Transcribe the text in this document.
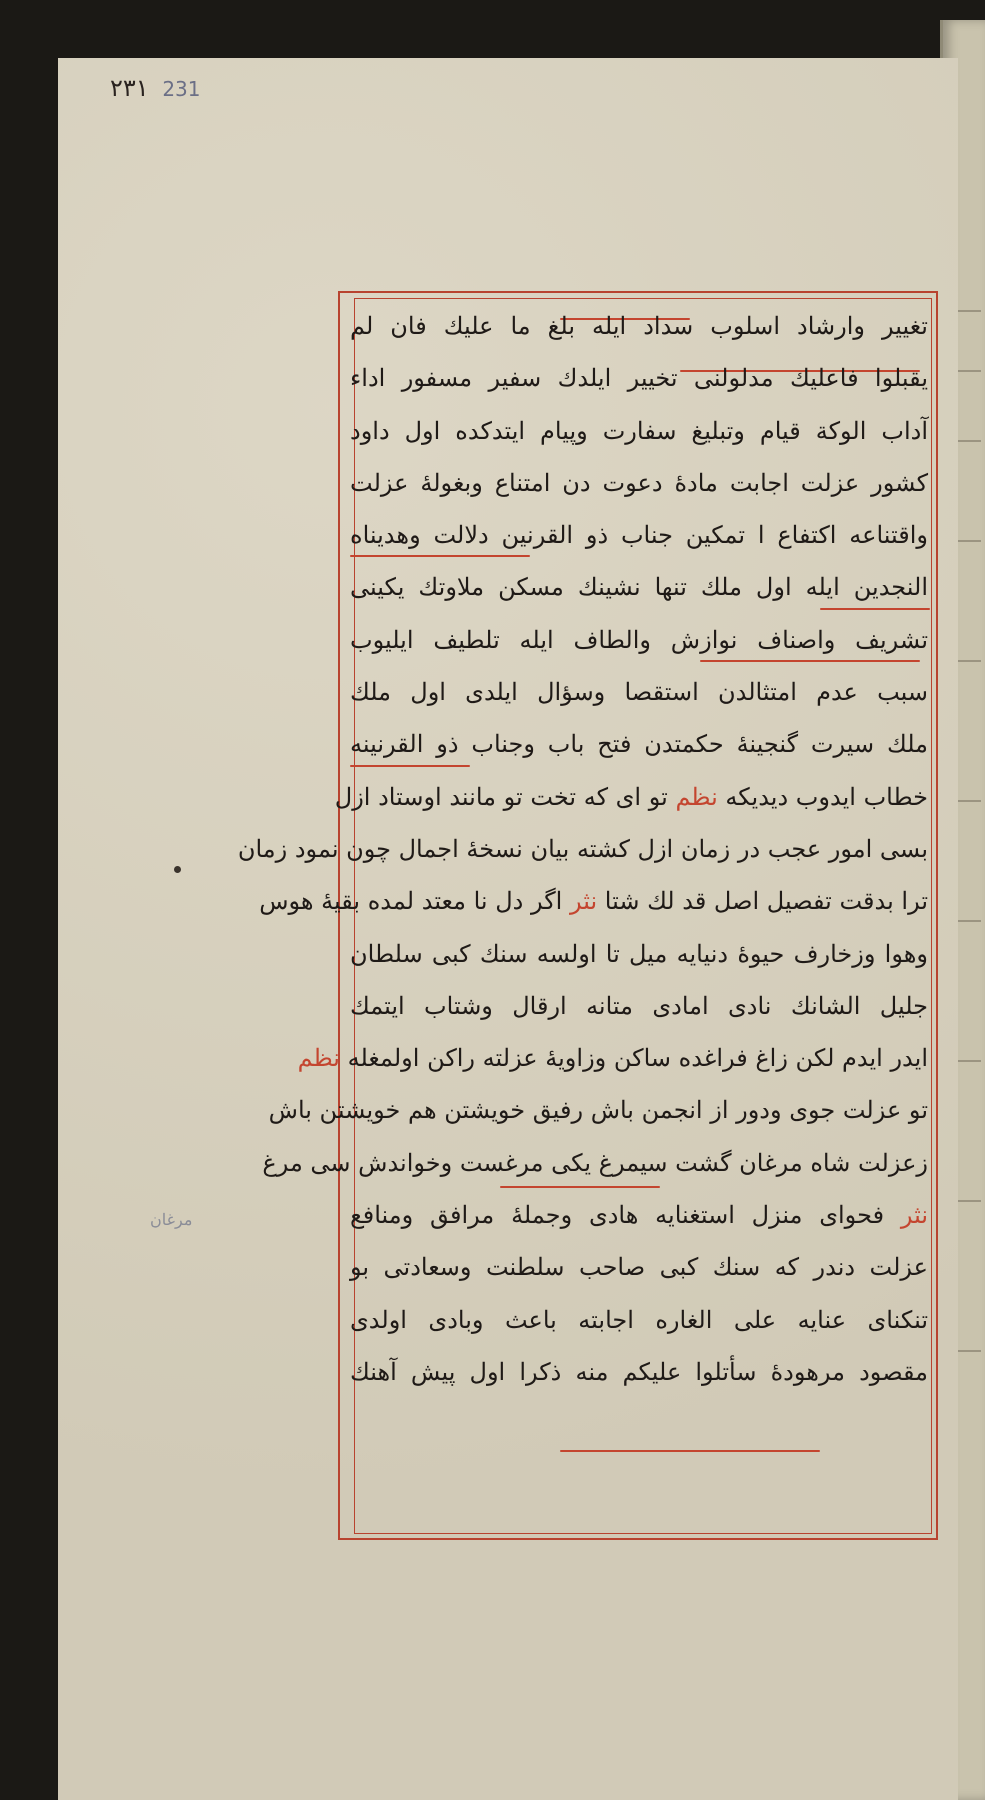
٢٣١ 231
تغییر وارشاد اسلوب سداد ایله بلغ ما علیك فان لم
یقبلوا فاعلیك مدلولنی تخییر ایلدك سفیر مسفور اداء
آداب الوكة قیام وتبلیغ سفارت وپیام ایتدكده اول داود
كشور عزلت اجابت مادۀ دعوت دن امتناع وبغولۀ عزلت
واقتناعه اكتفاع ا تمكین جناب ذو القرنین دلالت وهدیناه
النجدین ایله اول ملك تنها نشینك مسكن ملاوتك یكینی
تشریف واصناف نوازش والطاف ایله تلطیف ایلیوب
سبب عدم امتثالدن استقصا وسؤال ایلدی اول ملك
ملك سیرت گنجینۀ حكمتدن فتح باب وجناب ذو القرنینه
خطاب ایدوب دیدیكه نظم تو ای كه تخت تو مانند اوستاد ازل
بسی امور عجب در زمان ازل كشته بیان نسخۀ اجمال چون نمود زمان
ترا بدقت تفصیل اصل قد لك شتا نثر اگر دل نا معتد لمده بقیۀ هوس
وهوا وزخارف حیوۀ دنیایه میل تا اولسه سنك كبی سلطان
جلیل الشانك نادی امادی متانه ارقال وشتاب ایتمك
ایدر ایدم لكن زاغ فراغده ساكن وزاویۀ عزلته راكن اولمغله نظم
تو عزلت جوی ودور از انجمن باش رفیق خویشتن هم خویشتن باش
زعزلت شاه مرغان گشت سیمرغ یكی مرغست وخواندش سی مرغ
نثر فحوای منزل استغنایه هادی وجملۀ مرافق ومنافع
عزلت دندر كه سنك كبی صاحب سلطنت وسعادتی بو
تنكنای عنایه علی الغاره اجابته باعث وبادی اولدی
مقصود مرهودۀ سأتلوا علیكم منه ذكرا اول پیش آهنك
مرغان
